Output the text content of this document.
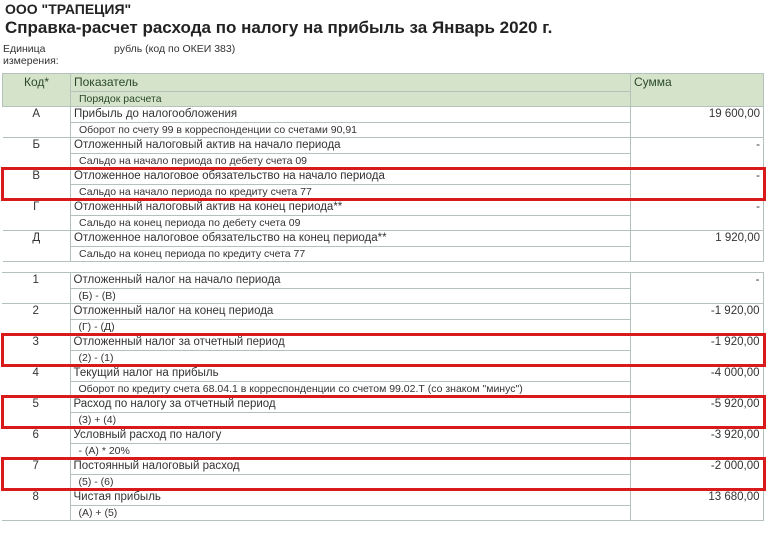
ООО "ТРАПЕЦИЯ"
Справка-расчет расхода по налогу на прибыль за Январь 2020 г.
Единица измерения:
рубль (код по ОКЕИ 383)
Код*	Показатель	Сумма
	Порядок расчета	
А	Прибыль до налогообложения	19 600,00
	Оборот по счету 99 в корреспонденции со счетами 90,91	
Б	Отложенный налоговый актив на начало периода	-
	Сальдо на начало периода по дебету счета 09	
В	Отложенное налоговое обязательство на начало периода	-
	Сальдо на начало периода по кредиту счета 77	
Г	Отложенный налоговый актив на конец периода**	-
	Сальдо на конец периода по дебету счета 09	
Д	Отложенное налоговое обязательство на конец периода**	1 920,00
	Сальдо на конец периода по кредиту счета 77	
1	Отложенный налог на начало периода	-
	(Б) - (В)	
2	Отложенный налог на конец периода	-1 920,00
	(Г) - (Д)	
3	Отложенный налог за отчетный период	-1 920,00
	(2) - (1)	
4	Текущий налог на прибыль	-4 000,00
	Оборот по кредиту счета 68.04.1 в корреспонденции со счетом 99.02.Т (со знаком "минус")	
5	Расход по налогу за отчетный период	-5 920,00
	(3) + (4)	
6	Условный расход по налогу	-3 920,00
	- (А) * 20%	
7	Постоянный налоговый расход	-2 000,00
	(5) - (6)	
8	Чистая прибыль	13 680,00
	(А) + (5)	
